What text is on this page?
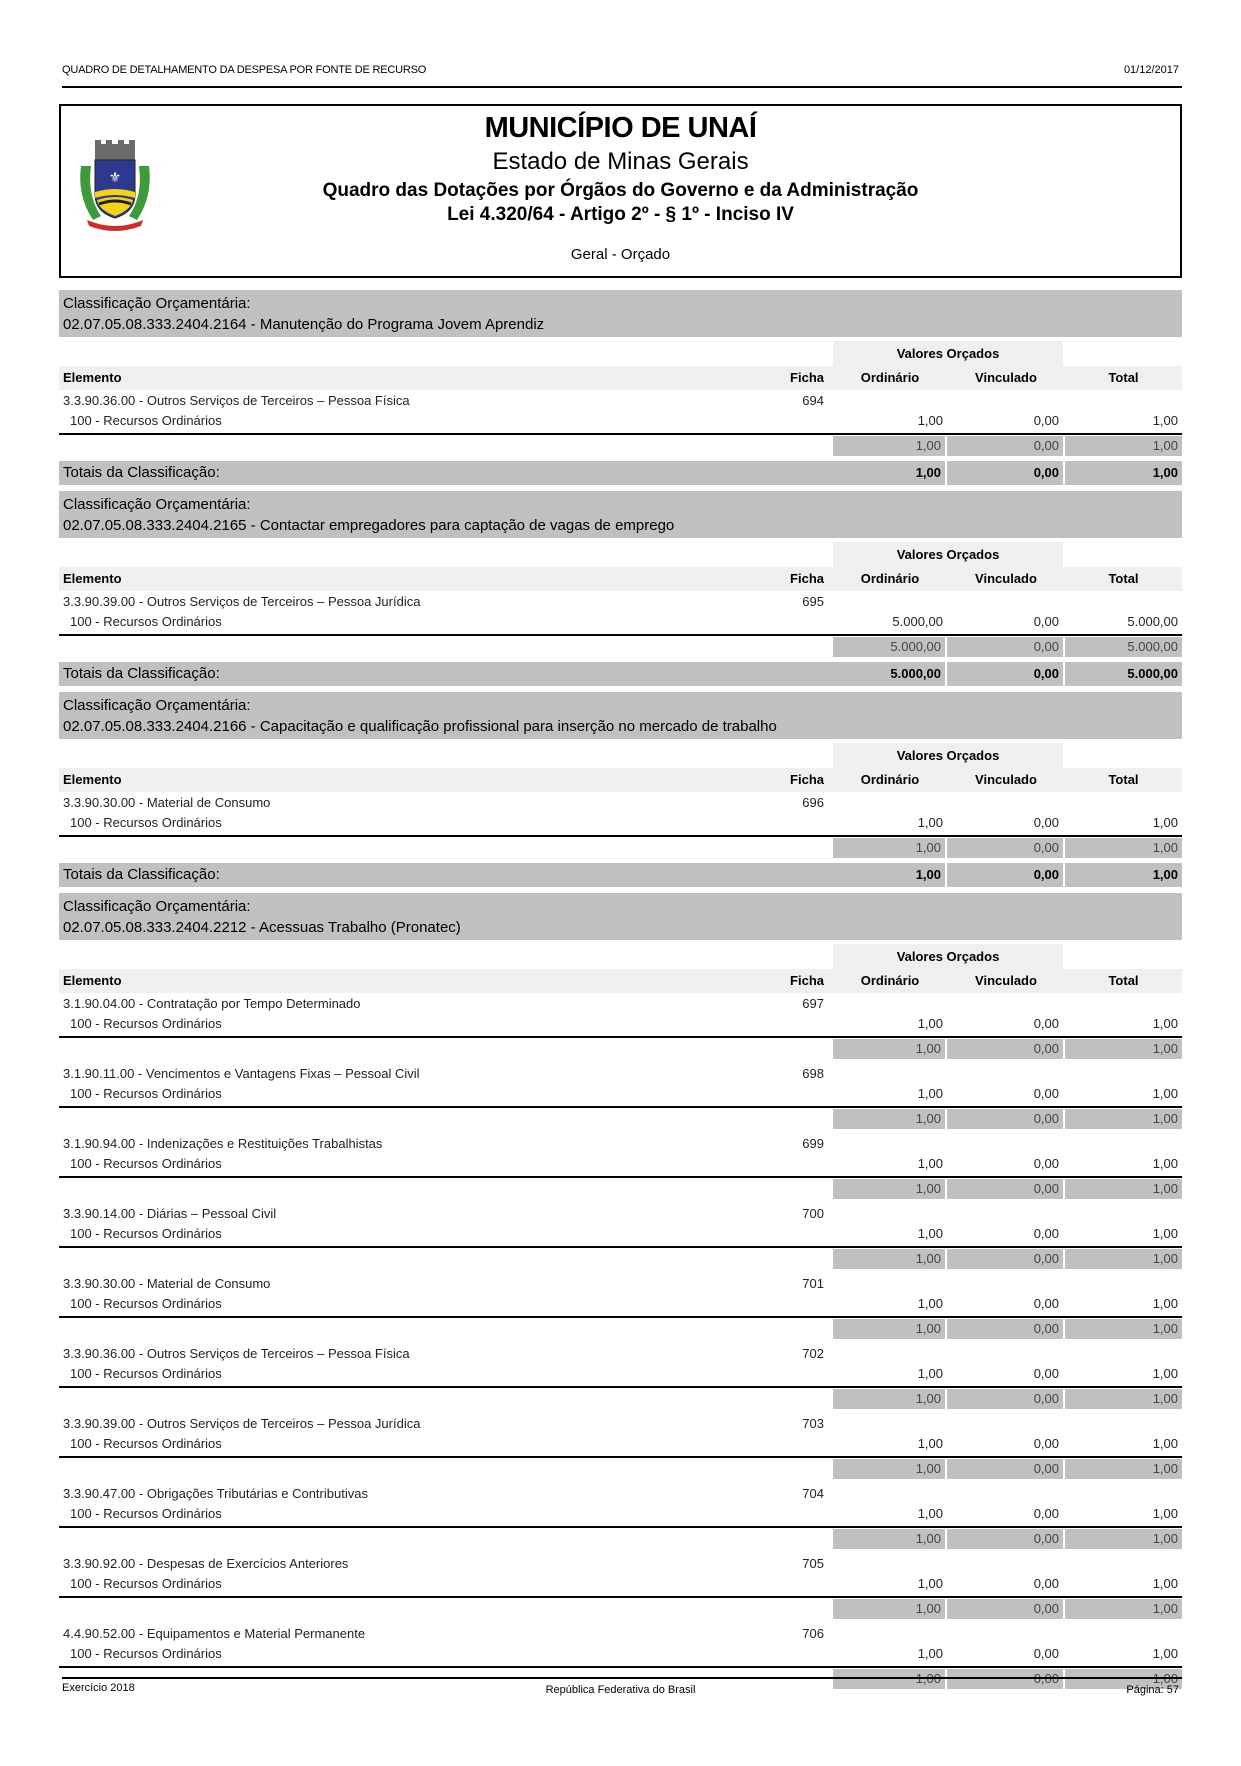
QUADRO DE DETALHAMENTO DA DESPESA POR FONTE DE RECURSO	01/12/2017
⚜
MUNICÍPIO DE UNAÍ
Estado de Minas Gerais
Quadro das Dotações por Órgãos do Governo e da Administração
Lei 4.320/64 - Artigo 2º - § 1º - Inciso IV
Geral - Orçado
Classificação Orçamentária:
02.07.05.08.333.2404.2164 - Manutenção do Programa Jovem Aprendiz
Valores Orçados
Elemento	Ficha	Ordinário	Vinculado	Total
3.3.90.36.00 - Outros Serviços de Terceiros – Pessoa Física	694
100 - Recursos Ordinários	1,00	0,00	1,00
1,00	0,00	1,00
Totais da Classificação:	1,00	0,00	1,00
Classificação Orçamentária:
02.07.05.08.333.2404.2165 - Contactar empregadores para captação de vagas de emprego
Valores Orçados
Elemento	Ficha	Ordinário	Vinculado	Total
3.3.90.39.00 - Outros Serviços de Terceiros – Pessoa Jurídica	695
100 - Recursos Ordinários	5.000,00	0,00	5.000,00
5.000,00	0,00	5.000,00
Totais da Classificação:	5.000,00	0,00	5.000,00
Classificação Orçamentária:
02.07.05.08.333.2404.2166 - Capacitação e qualificação profissional para inserção no mercado de trabalho
Valores Orçados
Elemento	Ficha	Ordinário	Vinculado	Total
3.3.90.30.00 - Material de Consumo	696
100 - Recursos Ordinários	1,00	0,00	1,00
1,00	0,00	1,00
Totais da Classificação:	1,00	0,00	1,00
Classificação Orçamentária:
02.07.05.08.333.2404.2212 - Acessuas Trabalho (Pronatec)
Valores Orçados
Elemento	Ficha	Ordinário	Vinculado	Total
3.1.90.04.00 - Contratação por Tempo Determinado	697
100 - Recursos Ordinários	1,00	0,00	1,00
1,00	0,00	1,00
3.1.90.11.00 - Vencimentos e Vantagens Fixas – Pessoal Civil	698
100 - Recursos Ordinários	1,00	0,00	1,00
1,00	0,00	1,00
3.1.90.94.00 - Indenizações e Restituições Trabalhistas	699
100 - Recursos Ordinários	1,00	0,00	1,00
1,00	0,00	1,00
3.3.90.14.00 - Diárias – Pessoal Civil	700
100 - Recursos Ordinários	1,00	0,00	1,00
1,00	0,00	1,00
3.3.90.30.00 - Material de Consumo	701
100 - Recursos Ordinários	1,00	0,00	1,00
1,00	0,00	1,00
3.3.90.36.00 - Outros Serviços de Terceiros – Pessoa Física	702
100 - Recursos Ordinários	1,00	0,00	1,00
1,00	0,00	1,00
3.3.90.39.00 - Outros Serviços de Terceiros – Pessoa Jurídica	703
100 - Recursos Ordinários	1,00	0,00	1,00
1,00	0,00	1,00
3.3.90.47.00 - Obrigações Tributárias e Contributivas	704
100 - Recursos Ordinários	1,00	0,00	1,00
1,00	0,00	1,00
3.3.90.92.00 - Despesas de Exercícios Anteriores	705
100 - Recursos Ordinários	1,00	0,00	1,00
1,00	0,00	1,00
4.4.90.52.00 - Equipamentos e Material Permanente	706
100 - Recursos Ordinários	1,00	0,00	1,00
Exercício 2018	República Federativa do Brasil	Página: 57
